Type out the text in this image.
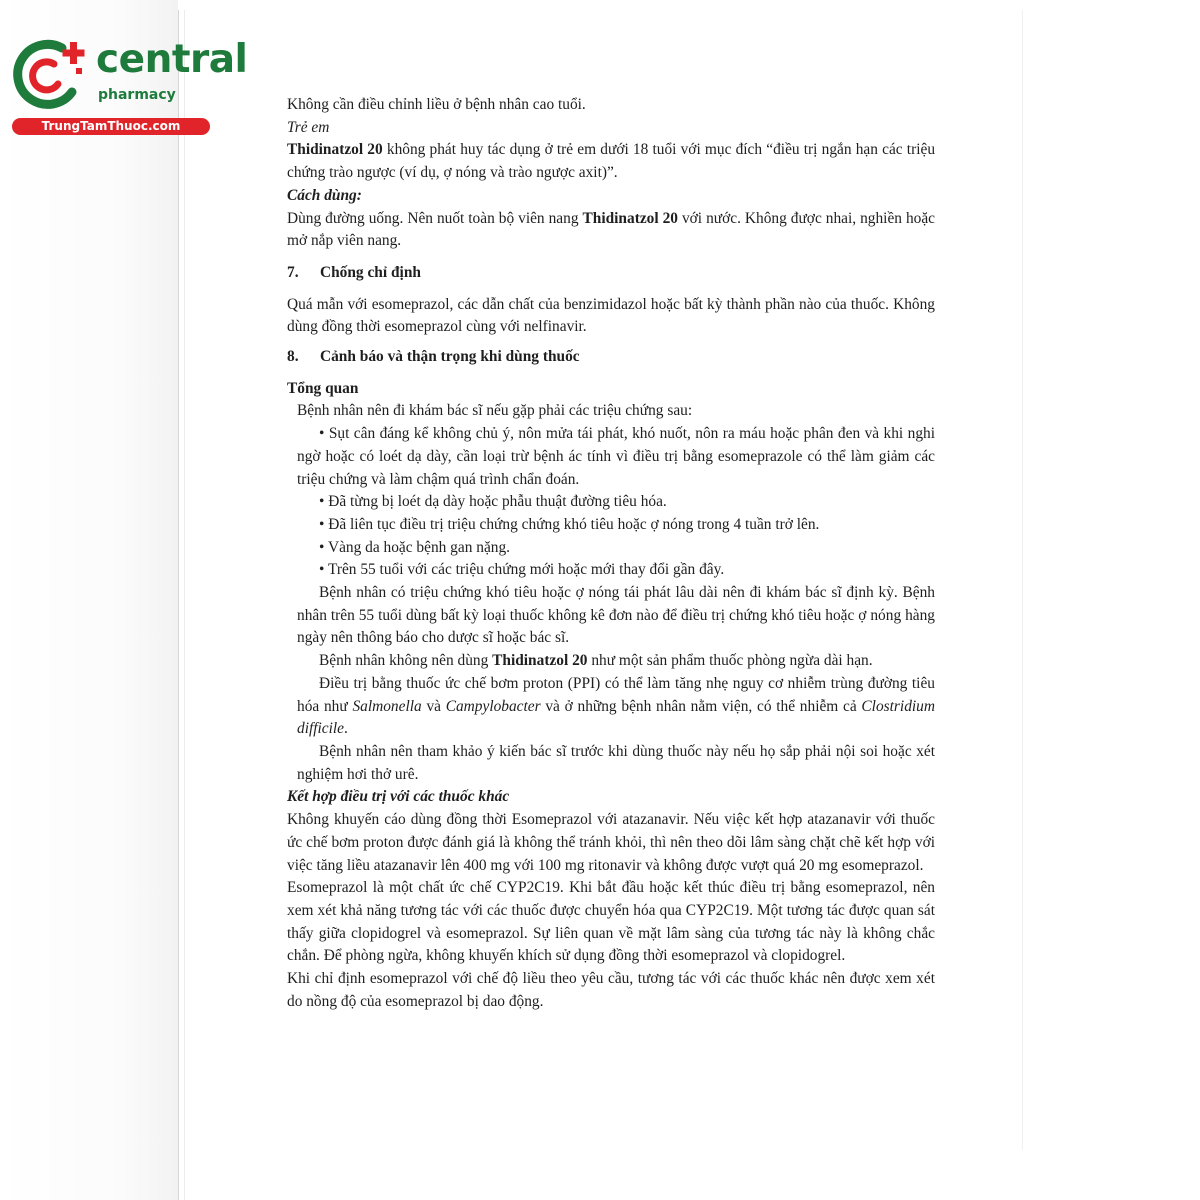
central
pharmacy
TrungTamThuoc.com

Không cần điều chỉnh liều ở bệnh nhân cao tuổi.

Trẻ em

Thidinatzol 20 không phát huy tác dụng ở trẻ em dưới 18 tuổi với mục đích “điều trị ngắn hạn các triệu chứng trào ngược (ví dụ, ợ nóng và trào ngược axit)”.

Cách dùng:

Dùng đường uống. Nên nuốt toàn bộ viên nang Thidinatzol 20 với nước. Không được nhai, nghiền hoặc mở nắp viên nang.

7. Chống chỉ định

Quá mẫn với esomeprazol, các dẫn chất của benzimidazol hoặc bất kỳ thành phần nào của thuốc. Không dùng đồng thời esomeprazol cùng với nelfinavir.

8. Cảnh báo và thận trọng khi dùng thuốc

Tổng quan

Bệnh nhân nên đi khám bác sĩ nếu gặp phải các triệu chứng sau:

• Sụt cân đáng kể không chủ ý, nôn mửa tái phát, khó nuốt, nôn ra máu hoặc phân đen và khi nghi ngờ hoặc có loét dạ dày, cần loại trừ bệnh ác tính vì điều trị bằng esomeprazole có thể làm giảm các triệu chứng và làm chậm quá trình chẩn đoán.

• Đã từng bị loét dạ dày hoặc phẫu thuật đường tiêu hóa.

• Đã liên tục điều trị triệu chứng chứng khó tiêu hoặc ợ nóng trong 4 tuần trở lên.

• Vàng da hoặc bệnh gan nặng.

• Trên 55 tuổi với các triệu chứng mới hoặc mới thay đổi gần đây.

Bệnh nhân có triệu chứng khó tiêu hoặc ợ nóng tái phát lâu dài nên đi khám bác sĩ định kỳ. Bệnh nhân trên 55 tuổi dùng bất kỳ loại thuốc không kê đơn nào để điều trị chứng khó tiêu hoặc ợ nóng hàng ngày nên thông báo cho dược sĩ hoặc bác sĩ.

Bệnh nhân không nên dùng Thidinatzol 20 như một sản phẩm thuốc phòng ngừa dài hạn.

Điều trị bằng thuốc ức chế bơm proton (PPI) có thể làm tăng nhẹ nguy cơ nhiễm trùng đường tiêu hóa như Salmonella và Campylobacter và ở những bệnh nhân nằm viện, có thể nhiễm cả Clostridium difficile.

Bệnh nhân nên tham khảo ý kiến bác sĩ trước khi dùng thuốc này nếu họ sắp phải nội soi hoặc xét nghiệm hơi thở urê.

Kết hợp điều trị với các thuốc khác

Không khuyến cáo dùng đồng thời Esomeprazol với atazanavir. Nếu việc kết hợp atazanavir với thuốc ức chế bơm proton được đánh giá là không thể tránh khỏi, thì nên theo dõi lâm sàng chặt chẽ kết hợp với việc tăng liều atazanavir lên 400 mg với 100 mg ritonavir và không được vượt quá 20 mg esomeprazol.

Esomeprazol là một chất ức chế CYP2C19. Khi bắt đầu hoặc kết thúc điều trị bằng esomeprazol, nên xem xét khả năng tương tác với các thuốc được chuyển hóa qua CYP2C19. Một tương tác được quan sát thấy giữa clopidogrel và esomeprazol. Sự liên quan về mặt lâm sàng của tương tác này là không chắc chắn. Để phòng ngừa, không khuyến khích sử dụng đồng thời esomeprazol và clopidogrel.

Khi chỉ định esomeprazol với chế độ liều theo yêu cầu, tương tác với các thuốc khác nên được xem xét do nồng độ của esomeprazol bị dao động.
